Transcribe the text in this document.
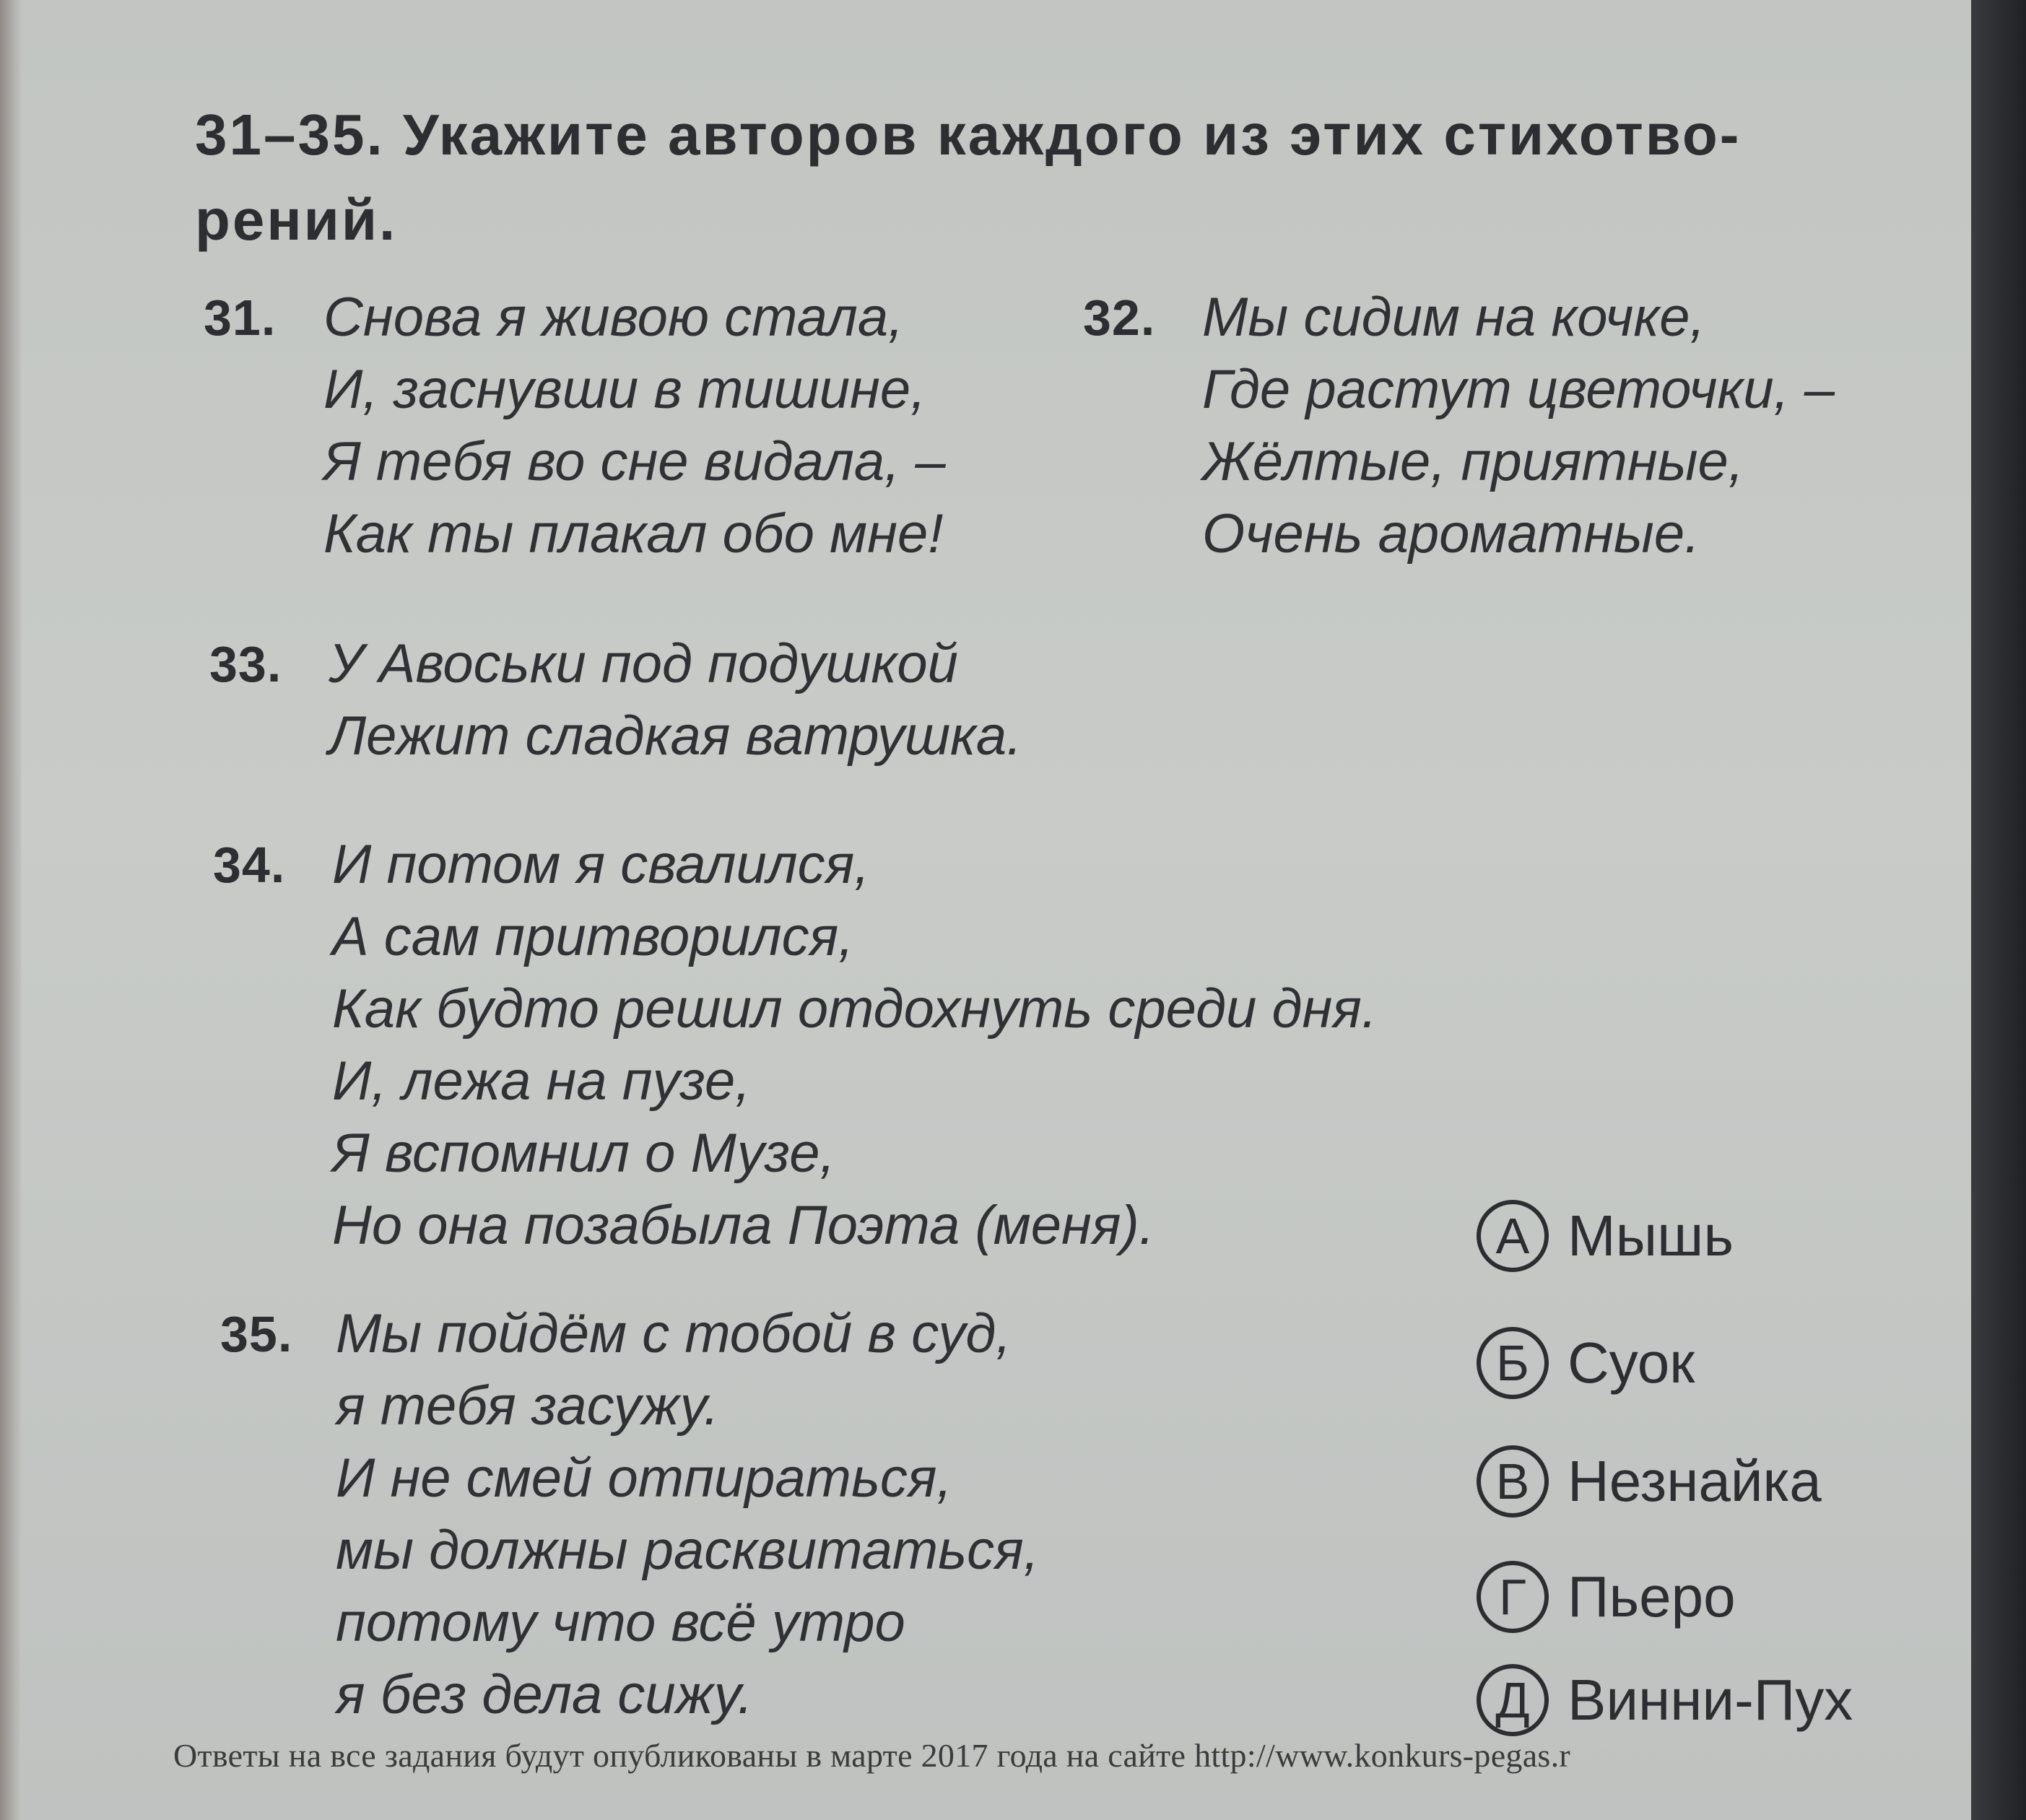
31–35. Укажите авторов каждого из этих стихотво-
рений.
31. Снова я живою стала,
И, заснувши в тишине,
Я тебя во сне видала, –
Как ты плакал обо мне!
32. Мы сидим на кочке,
Где растут цветочки, –
Жёлтые, приятные,
Очень ароматные.
33. У Авоськи под подушкой
Лежит сладкая ватрушка.
34. И потом я свалился,
А сам притворился,
Как будто решил отдохнуть среди дня.
И, лежа на пузе,
Я вспомнил о Музе,
Но она позабыла Поэта (меня).
35. Мы пойдём с тобой в суд,
я тебя засужу.
И не смей отпираться,
мы должны расквитаться,
потому что всё утро
я без дела сижу.
А Мышь
Б Суок
В Незнайка
Г Пьеро
Д Винни-Пух
Ответы на все задания будут опубликованы в марте 2017 года на сайте http://www.konkurs-pegas.r
